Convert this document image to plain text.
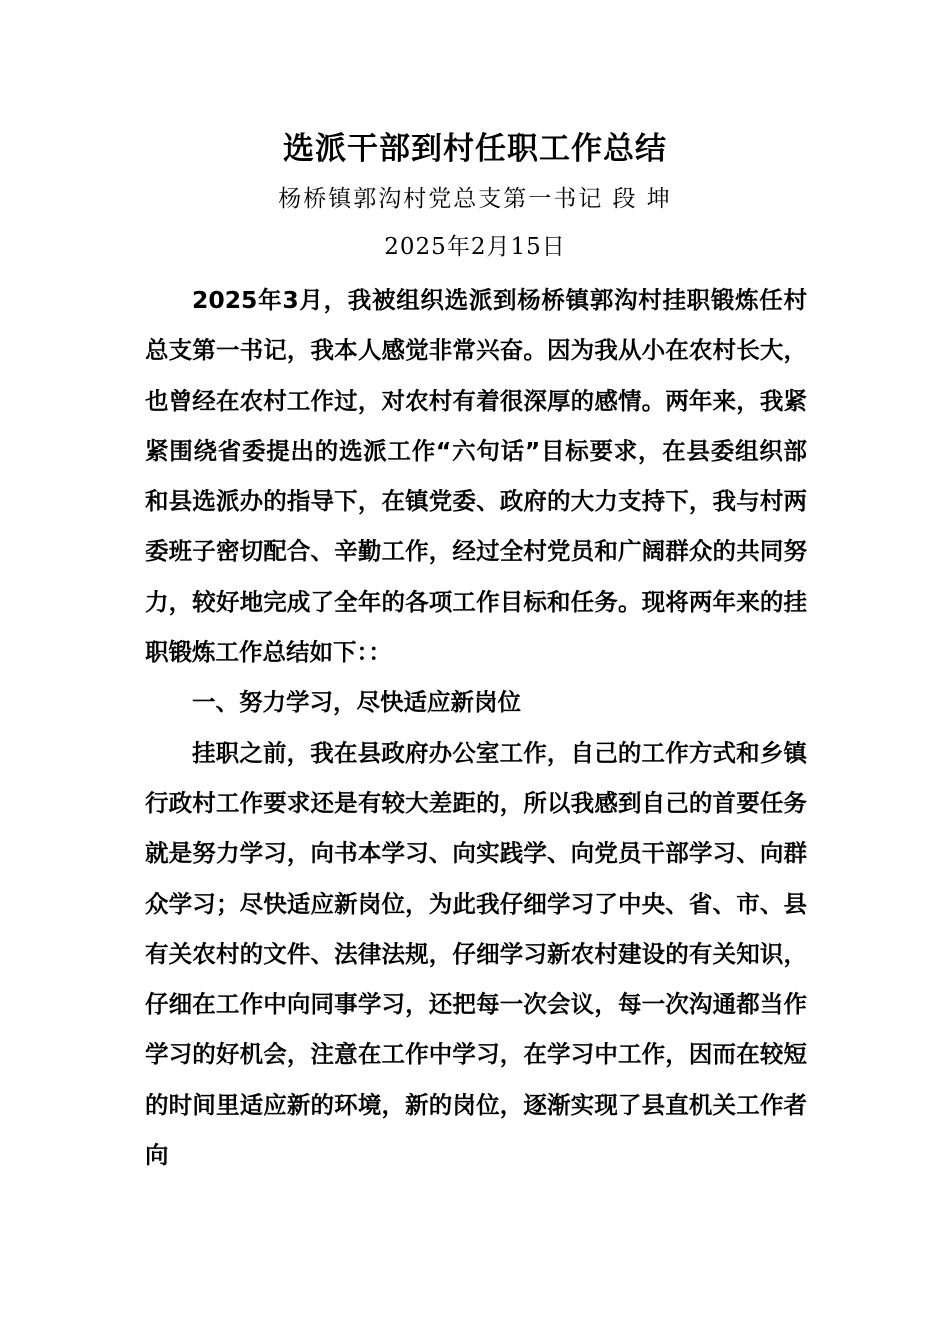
选派干部到村任职工作总结
杨桥镇郭沟村党总支第一书记 段 坤
2025年2月15日

2025年3月，我被组织选派到杨桥镇郭沟村挂职锻炼任村总支第一书记，我本人感觉非常兴奋。因为我从小在农村长大，也曾经在农村工作过，对农村有着很深厚的感情。两年来，我紧紧围绕省委提出的选派工作“六句话”目标要求，在县委组织部和县选派办的指导下，在镇党委、政府的大力支持下，我与村两委班子密切配合、辛勤工作，经过全村党员和广阔群众的共同努力，较好地完成了全年的各项工作目标和任务。现将两年来的挂职锻炼工作总结如下：：

一、努力学习，尽快适应新岗位

挂职之前，我在县政府办公室工作，自己的工作方式和乡镇行政村工作要求还是有较大差距的，所以我感到自己的首要任务就是努力学习，向书本学习、向实践学、向党员干部学习、向群众学习；尽快适应新岗位，为此我仔细学习了中央、省、市、县有关农村的文件、法律法规，仔细学习新农村建设的有关知识，仔细在工作中向同事学习，还把每一次会议，每一次沟通都当作学习的好机会，注意在工作中学习，在学习中工作，因而在较短的时间里适应新的环境，新的岗位，逐渐实现了县直机关工作者向
